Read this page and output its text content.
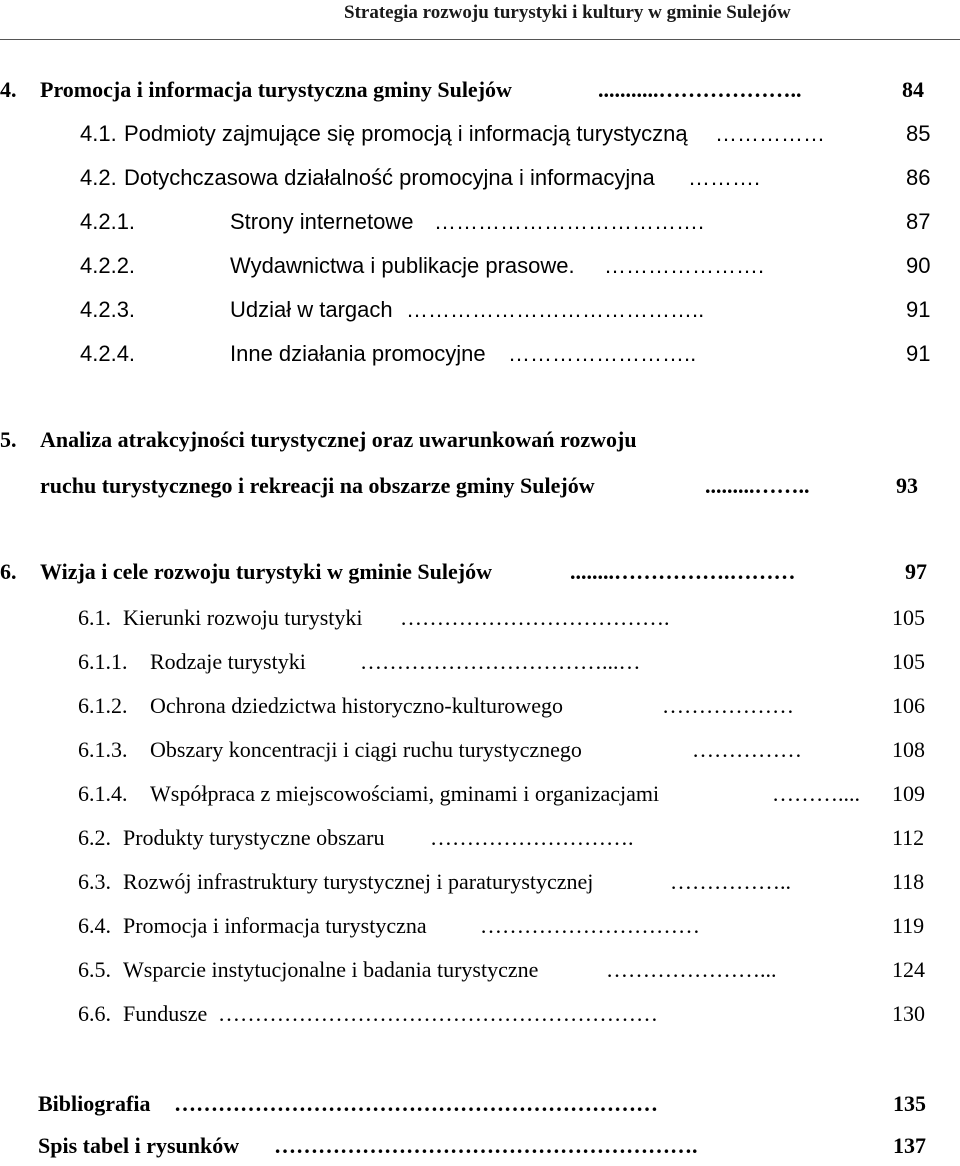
Strategia rozwoju turystyki i kultury w gminie Sulejów
4. Promocja i informacja turystyczna gminy Sulejów	...........………………..	84
4.1. Podmioty zajmujące się promocją i informacją turystyczną ……………	85
4.2. Dotychczasowa działalność promocyjna i informacyjna ……….	86
4.2.1.	Strony internetowe ……………………………….	87
4.2.2.	Wydawnictwa i publikacje prasowe. ………………….	90
4.2.3.	Udział w targach …………………………………..	91
4.2.4.	Inne działania promocyjne ……………………..	91
5. Analiza atrakcyjności turystycznej oraz uwarunkowań rozwoju
ruchu turystycznego i rekreacji na obszarze gminy Sulejów	.........……..	93
6. Wizja i cele rozwoju turystyki w gminie Sulejów	........…………….………	97
6.1. Kierunki rozwoju turystyki ……………………………….	105
6.1.1. Rodzaje turystyki ……………………………...…	105
6.1.2. Ochrona dziedzictwa historyczno-kulturowego	………………	106
6.1.3. Obszary koncentracji i ciągi ruchu turystycznego	……………	108
6.1.4. Współpraca z miejscowościami, gminami i organizacjami	……….... 109
6.2. Produkty turystyczne obszaru ……………………….	112
6.3. Rozwój infrastruktury turystycznej i paraturystycznej	……………..	118
6.4. Promocja i informacja turystyczna …………………………	119
6.5. Wsparcie instytucjonalne i badania turystyczne	…………………...	124
6.6. Fundusze ……………………………………………………	130
Bibliografia …………………………………………………………	135
Spis tabel i rysunków ………………………………………………….	137
